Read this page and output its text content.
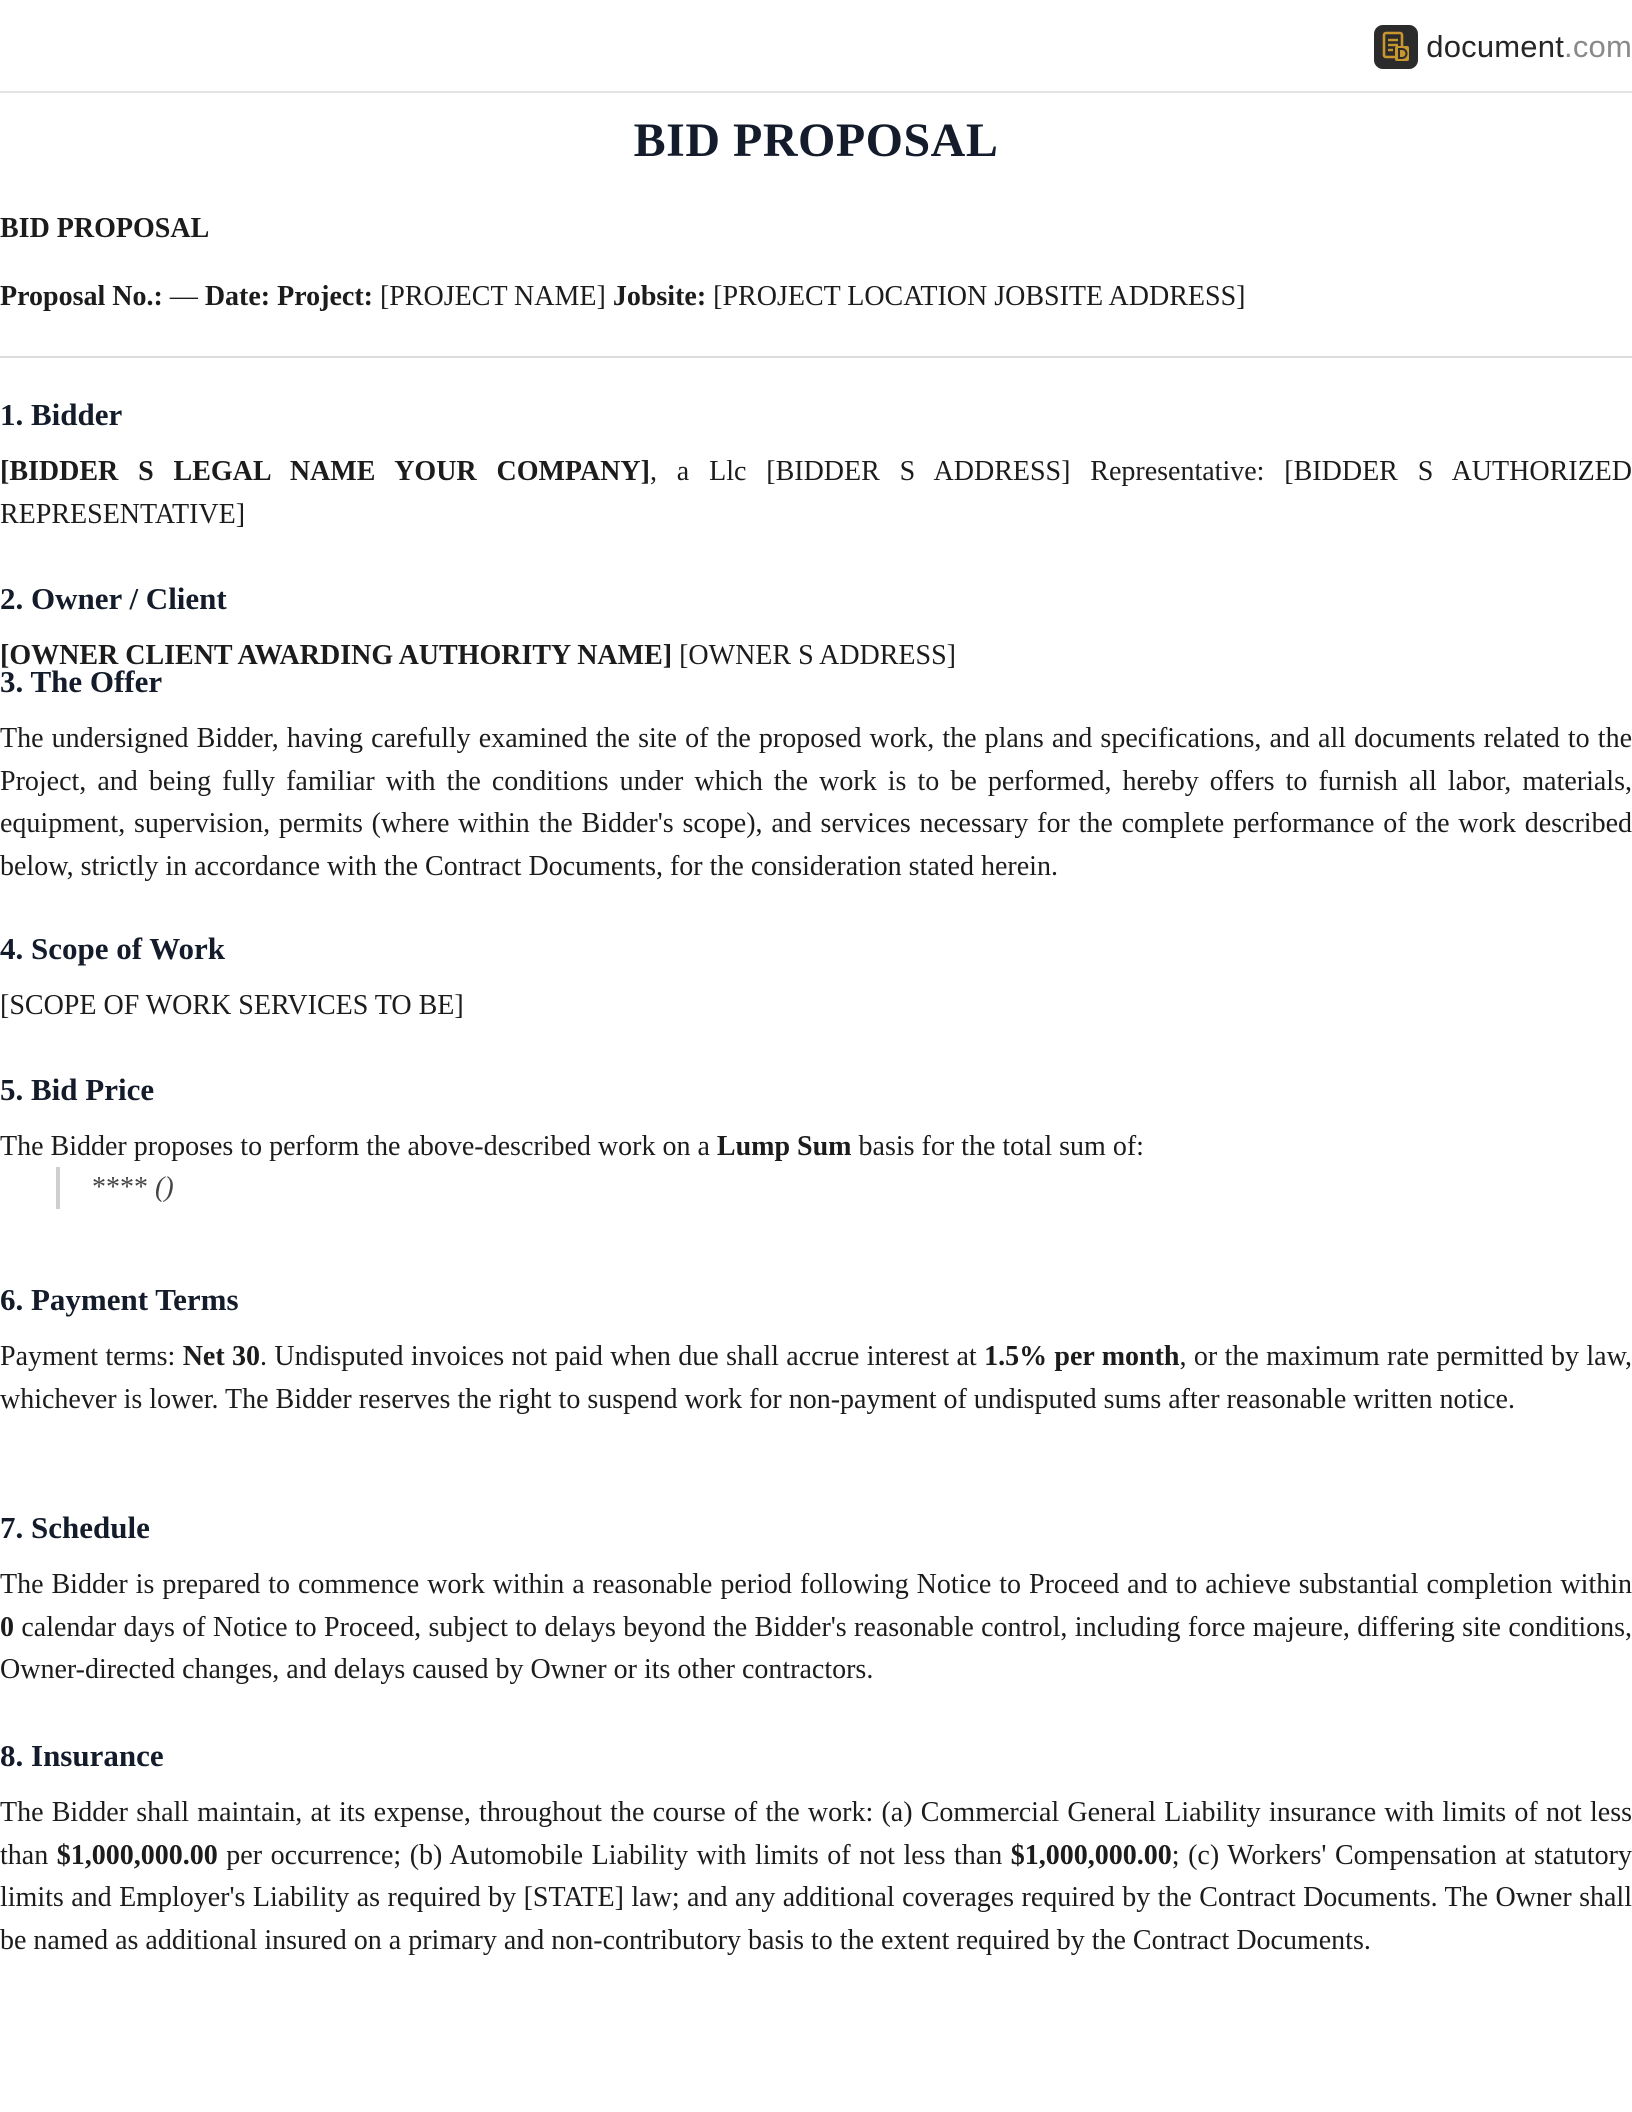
document.com
BID PROPOSAL

BID PROPOSAL

Proposal No.: — Date: Project: [PROJECT NAME] Jobsite: [PROJECT LOCATION JOBSITE ADDRESS]

1. Bidder

[BIDDER S LEGAL NAME YOUR COMPANY], a Llc [BIDDER S ADDRESS] Representative: [BIDDER S AUTHORIZED REPRESENTATIVE]

2. Owner / Client

[OWNER CLIENT AWARDING AUTHORITY NAME] [OWNER S ADDRESS]

3. The Offer

The undersigned Bidder, having carefully examined the site of the proposed work, the plans and specifications, and all documents related to the Project, and being fully familiar with the conditions under which the work is to be performed, hereby offers to furnish all labor, materials, equipment, supervision, permits (where within the Bidder's scope), and services necessary for the complete performance of the work described below, strictly in accordance with the Contract Documents, for the consideration stated herein.

4. Scope of Work

[SCOPE OF WORK SERVICES TO BE]

5. Bid Price

The Bidder proposes to perform the above-described work on a Lump Sum basis for the total sum of:

**** ()
6. Payment Terms

Payment terms: Net 30. Undisputed invoices not paid when due shall accrue interest at 1.5% per month, or the maximum rate permitted by law, whichever is lower. The Bidder reserves the right to suspend work for non-payment of undisputed sums after reasonable written notice.

7. Schedule

The Bidder is prepared to commence work within a reasonable period following Notice to Proceed and to achieve substantial completion within 0 calendar days of Notice to Proceed, subject to delays beyond the Bidder's reasonable control, including force majeure, differing site conditions, Owner-directed changes, and delays caused by Owner or its other contractors.

8. Insurance

The Bidder shall maintain, at its expense, throughout the course of the work: (a) Commercial General Liability insurance with limits of not less than $1,000,000.00 per occurrence; (b) Automobile Liability with limits of not less than $1,000,000.00; (c) Workers' Compensation at statutory limits and Employer's Liability as required by [STATE] law; and any additional coverages required by the Contract Documents. The Owner shall be named as additional insured on a primary and non-contributory basis to the extent required by the Contract Documents.
